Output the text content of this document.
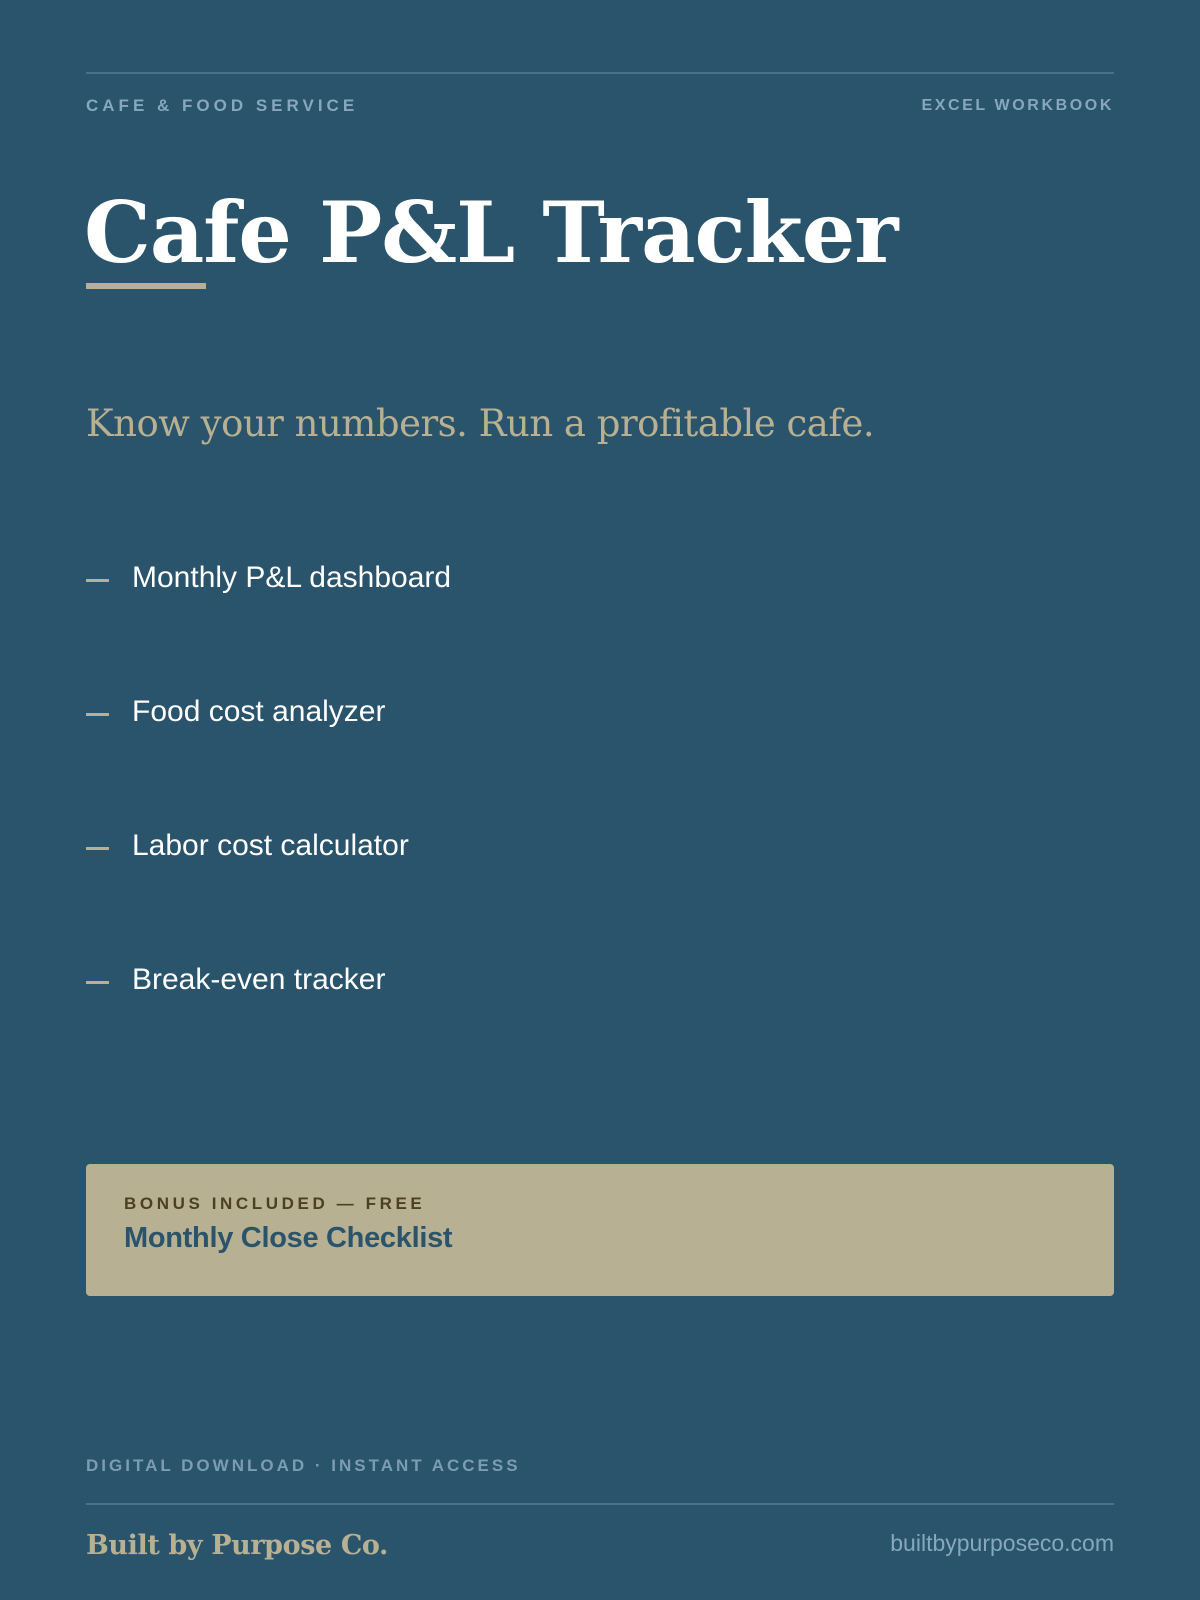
CAFE & FOOD SERVICE	EXCEL WORKBOOK
Cafe P&L Tracker
Know your numbers. Run a profitable cafe.
Monthly P&L dashboard
Food cost analyzer
Labor cost calculator
Break-even tracker
BONUS INCLUDED — FREE
Monthly Close Checklist
DIGITAL DOWNLOAD · INSTANT ACCESS
Built by Purpose Co.	builtbypurposeco.com
